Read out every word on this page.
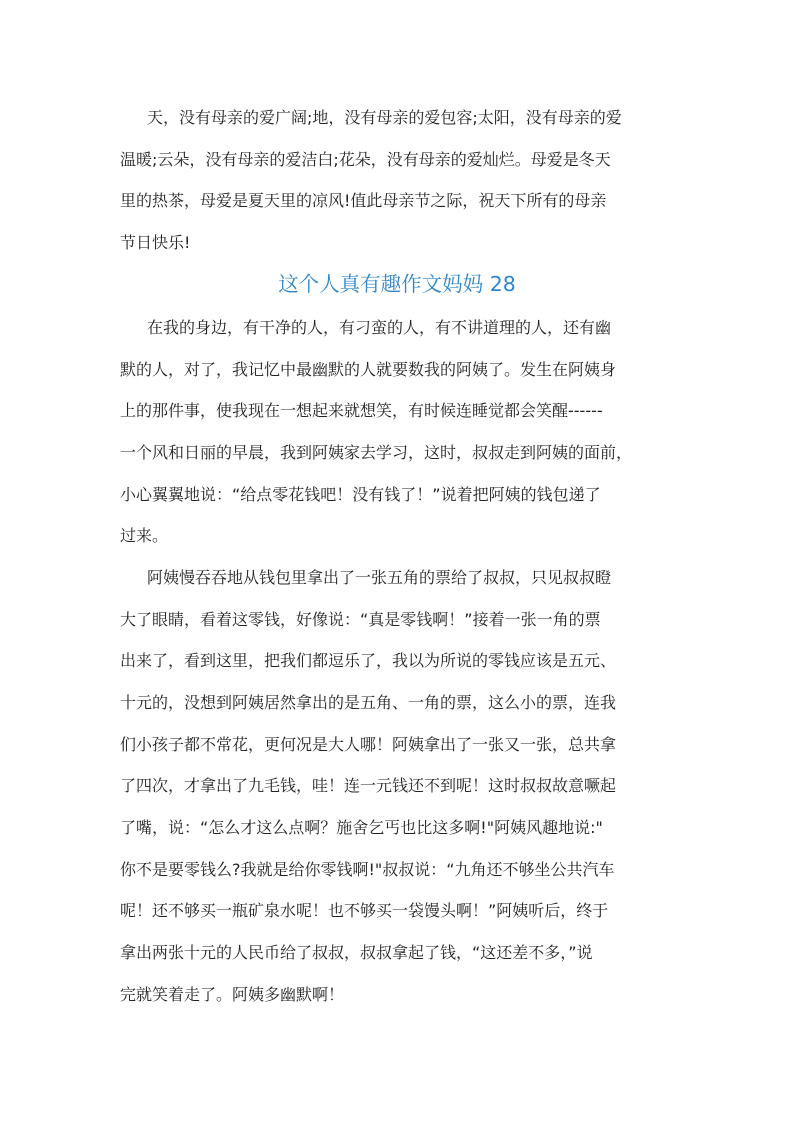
天，没有母亲的爱广阔;地，没有母亲的爱包容;太阳，没有母亲的爱
温暖;云朵，没有母亲的爱洁白;花朵，没有母亲的爱灿烂。母爱是冬天
里的热茶，母爱是夏天里的凉风!值此母亲节之际，祝天下所有的母亲
节日快乐!
这个人真有趣作文妈妈 28
在我的身边，有干净的人，有刁蛮的人，有不讲道理的人，还有幽
默的人，对了，我记忆中最幽默的人就要数我的阿姨了。发生在阿姨身
上的那件事，使我现在一想起来就想笑，有时候连睡觉都会笑醒------
一个风和日丽的早晨，我到阿姨家去学习，这时，叔叔走到阿姨的面前，
小心翼翼地说：“给点零花钱吧！没有钱了！”说着把阿姨的钱包递了
过来。
阿姨慢吞吞地从钱包里拿出了一张五角的票给了叔叔，只见叔叔瞪
大了眼睛，看着这零钱，好像说：“真是零钱啊！”接着一张一角的票
出来了，看到这里，把我们都逗乐了，我以为所说的零钱应该是五元、
十元的，没想到阿姨居然拿出的是五角、一角的票，这么小的票，连我
们小孩子都不常花，更何况是大人哪！阿姨拿出了一张又一张，总共拿
了四次，才拿出了九毛钱，哇！连一元钱还不到呢！这时叔叔故意噘起
了嘴，说：“怎么才这么点啊？施舍乞丐也比这多啊!"阿姨风趣地说:"
你不是要零钱么?我就是给你零钱啊!"叔叔说：“九角还不够坐公共汽车
呢！还不够买一瓶矿泉水呢！也不够买一袋馒头啊！”阿姨听后，终于
拿出两张十元的人民币给了叔叔，叔叔拿起了钱，“这还差不多，”说
完就笑着走了。阿姨多幽默啊！
